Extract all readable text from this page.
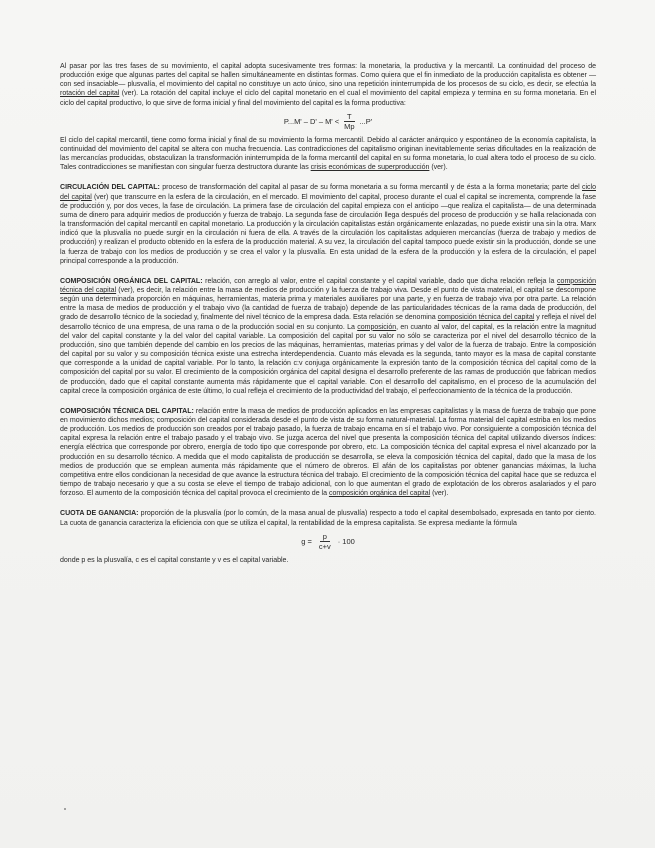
Al pasar por las tres fases de su movimiento, el capital adopta sucesivamente tres formas: la monetaria, la productiva y la mercantil. La continuidad del proceso de producción exige que algunas partes del capital se hallen simultáneamente en distintas formas. Como quiera que el fin inmediato de la producción capitalista es obtener —con sed insaciable— plusvalía, el movimiento del capital no constituye un acto único, sino una repetición ininterrumpida de los procesos de su ciclo, es decir, se efectúa la rotación del capital (ver). La rotación del capital incluye el ciclo del capital monetario en el cual el movimiento del capital empieza y termina en su forma monetaria. En el ciclo del capital productivo, lo que sirve de forma inicial y final del movimiento del capital es la forma productiva:

$P...M' - D' - M' < \frac{T}{Mp} ...P'$

El ciclo del capital mercantil, tiene como forma inicial y final de su movimiento la forma mercantil. Debido al carácter anárquico y espontáneo de la economía capitalista, la continuidad del movimiento del capital se altera con mucha frecuencia. Las contradicciones del capitalismo originan inevitablemente serias dificultades en la realización de las mercancías producidas, obstaculizan la transformación ininterrumpida de la forma mercantil del capital en su forma monetaria, lo cual altera todo el proceso de su ciclo. Tales contradicciones se manifiestan con singular fuerza destructora durante las crisis económicas de superproducción (ver).

CIRCULACIÓN DEL CAPITAL: proceso de transformación del capital al pasar de su forma monetaria a su forma mercantil y de ésta a la forma monetaria; parte del ciclo del capital (ver) que transcurre en la esfera de la circulación, en el mercado. El movimiento del capital, proceso durante el cual el capital se incrementa, comprende la fase de producción y, por dos veces, la fase de circulación. La primera fase de circulación del capital empieza con el anticipo —que realiza el capitalista— de una determinada suma de dinero para adquirir medios de producción y fuerza de trabajo. La segunda fase de circulación llega después del proceso de producción y se halla relacionada con la transformación del capital mercantil en capital monetario. La producción y la circulación capitalistas están orgánicamente enlazadas, no puede existir una sin la otra. Marx indicó que la plusvalía no puede surgir en la circulación ni fuera de ella. A través de la circulación los capitalistas adquieren mercancías (fuerza de trabajo y medios de producción) y realizan el producto obtenido en la esfera de la producción material. A su vez, la circulación del capital tampoco puede existir sin la producción, donde se une la fuerza de trabajo con los medios de producción y se crea el valor y la plusvalía. En esta unidad de la esfera de la producción y la esfera de la circulación, el papel principal corresponde a la producción.

COMPOSICIÓN ORGÁNICA DEL CAPITAL: relación, con arreglo al valor, entre el capital constante y el capital variable, dado que dicha relación refleja la composición técnica del capital (ver), es decir, la relación entre la masa de medios de producción y la fuerza de trabajo viva. Desde el punto de vista material, el capital se descompone según una determinada proporción en máquinas, herramientas, materia prima y materiales auxiliares por una parte, y en fuerza de trabajo viva por otra parte. La relación entre la masa de medios de producción y el trabajo vivo (la cantidad de fuerza de trabajo) depende de las particularidades técnicas de la rama dada de producción, del grado de desarrollo técnico de la sociedad y, finalmente del nivel técnico de la empresa dada. Esta relación se denomina composición técnica del capital y refleja el nivel del desarrollo técnico de una empresa, de una rama o de la producción social en su conjunto. La composición, en cuanto al valor, del capital, es la relación entre la magnitud del valor del capital constante y la del valor del capital variable. La composición del capital por su valor no sólo se caracteriza por el nivel del desarrollo técnico de la producción, sino que también depende del cambio en los precios de las máquinas, herramientas, materias primas y del valor de la fuerza de trabajo. Entre la composición del capital por su valor y su composición técnica existe una estrecha interdependencia. Cuanto más elevada es la segunda, tanto mayor es la masa de capital constante que corresponde a la unidad de capital variable. Por lo tanto, la relación c:v conjuga orgánicamente la expresión tanto de la composición técnica del capital como de la composición del capital por su valor. El crecimiento de la composición orgánica del capital designa el desarrollo preferente de las ramas de producción que fabrican medios de producción, dado que el capital constante aumenta más rápidamente que el capital variable. Con el desarrollo del capitalismo, en el proceso de la acumulación del capital crece la composición orgánica de este último, lo cual refleja el crecimiento de la productividad del trabajo, el perfeccionamiento de la técnica de la producción.

COMPOSICIÓN TÉCNICA DEL CAPITAL: relación entre la masa de medios de producción aplicados en las empresas capitalistas y la masa de fuerza de trabajo que pone en movimiento dichos medios; composición del capital considerada desde el punto de vista de su forma natural-material. La forma material del capital estriba en los medios de producción. Los medios de producción son creados por el trabajo pasado, la fuerza de trabajo encarna en sí el trabajo vivo. Por consiguiente a composición técnica del capital expresa la relación entre el trabajo pasado y el trabajo vivo. Se juzga acerca del nivel que presenta la composición técnica del capital utilizando diversos índices: energía eléctrica que corresponde por obrero, energía de todo tipo que corresponde por obrero, etc. La composición técnica del capital expresa el nivel alcanzado por la producción en su desarrollo técnico. A medida que el modo capitalista de producción se desarrolla, se eleva la composición técnica del capital, dado que la masa de los medios de producción que se emplean aumenta más rápidamente que el número de obreros. El afán de los capitalistas por obtener ganancias máximas, la lucha competitiva entre ellos condicionan la necesidad de que avance la estructura técnica del trabajo. El crecimiento de la composición técnica del capital hace que se reduzca el tiempo de trabajo necesario y que a su costa se eleve el tiempo de trabajo adicional, con lo que aumentan el grado de explotación de los obreros asalariados y el paro forzoso. El aumento de la composición técnica del capital provoca el crecimiento de la composición orgánica del capital (ver).

CUOTA DE GANANCIA: proporción de la plusvalía (por lo común, de la masa anual de plusvalía) respecto a todo el capital desembolsado, expresada en tanto por ciento. La cuota de ganancia caracteriza la eficiencia con que se utiliza el capital, la rentabilidad de la empresa capitalista. Se expresa mediante la fórmula

$g = \frac{p}{c+v} \cdot 100$

donde p es la plusvalía, c es el capital constante y v es el capital variable.
